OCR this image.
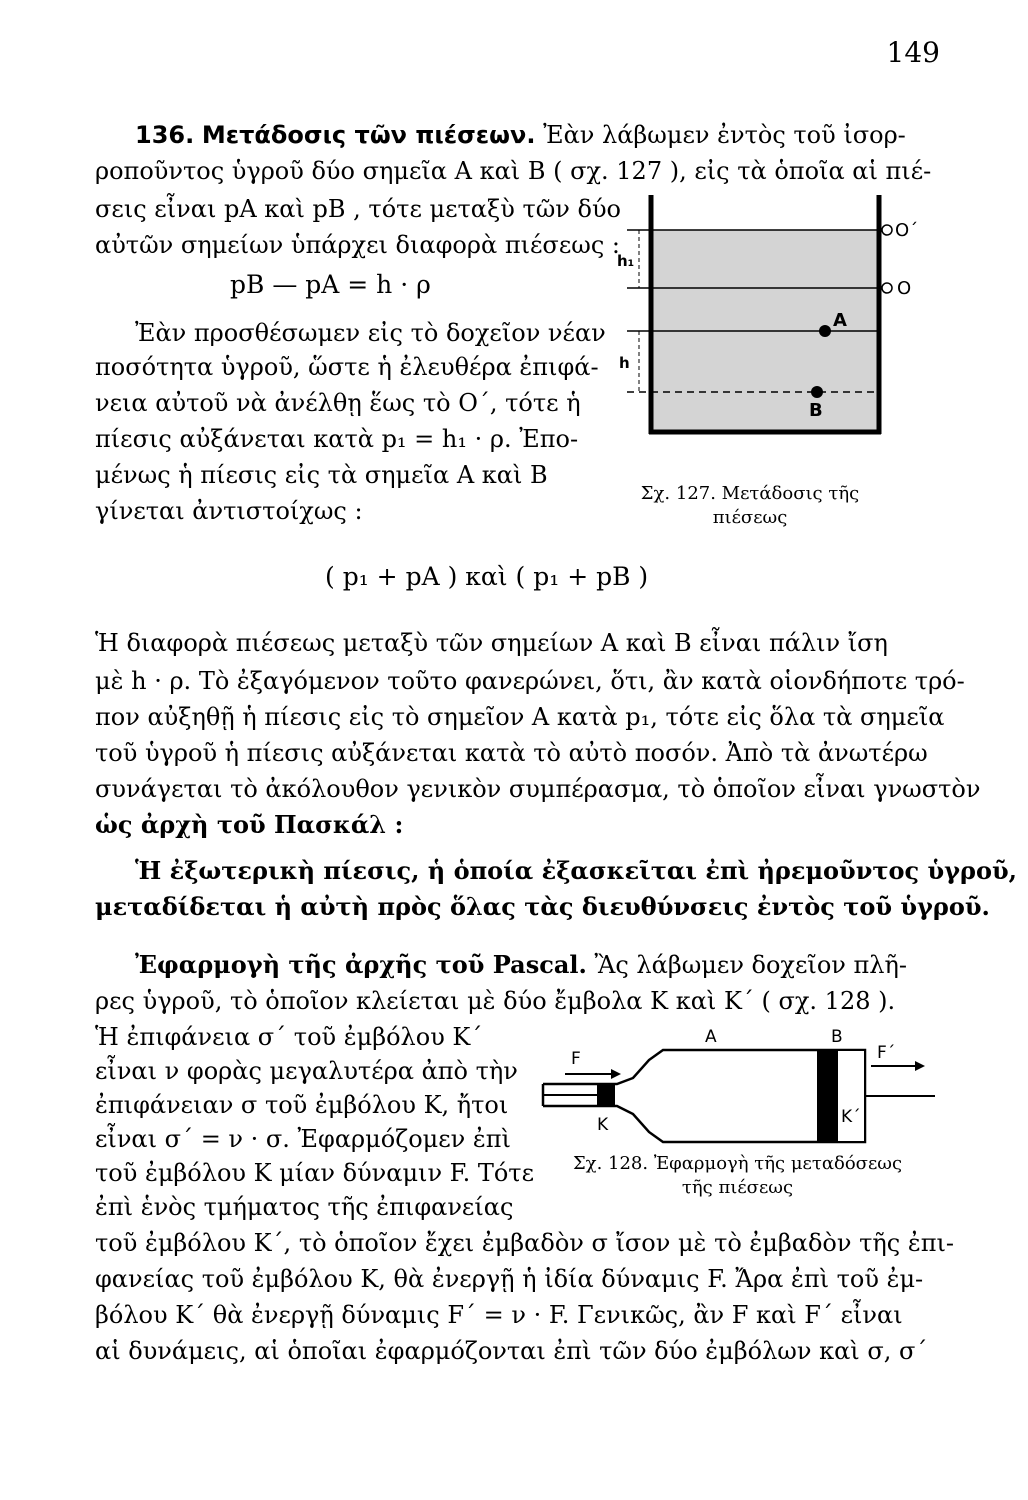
149
136. Μετάδοσις τῶν πιέσεων. Ἐὰν λάβωμεν ἐντὸς τοῦ ἰσορ-
ροποῦντος ὑγροῦ δύο σημεῖα A καὶ B ( σχ. 127 ), εἰς τὰ ὁποῖα αἱ πιέ-
σεις εἶναι pA καὶ pB , τότε μεταξὺ τῶν δύο
αὐτῶν σημείων ὑπάρχει διαφορὰ πιέσεως :
pB — pA = h · ρ
Ἐὰν προσθέσωμεν εἰς τὸ δοχεῖον νέαν
ποσότητα ὑγροῦ, ὥστε ἡ ἐλευθέρα ἐπιφά-
νεια αὐτοῦ νὰ ἀνέλθῃ ἕως τὸ Ο΄, τότε ἡ
πίεσις αὐξάνεται κατὰ p₁ = h₁ · ρ. Ἐπο-
μένως ἡ πίεσις εἰς τὰ σημεῖα A καὶ B
γίνεται ἀντιστοίχως :
O΄
O
A
B
h₁
h
Σχ. 127. Μετάδοσις τῆς
πιέσεως
( p₁ + pA ) καὶ ( p₁ + pB )
Ἡ διαφορὰ πιέσεως μεταξὺ τῶν σημείων A καὶ B εἶναι πάλιν ἴση
μὲ h · ρ. Τὸ ἐξαγόμενον τοῦτο φανερώνει, ὅτι, ἂν κατὰ οἱονδήποτε τρό-
πον αὐξηθῇ ἡ πίεσις εἰς τὸ σημεῖον A κατὰ p₁, τότε εἰς ὅλα τὰ σημεῖα
τοῦ ὑγροῦ ἡ πίεσις αὐξάνεται κατὰ τὸ αὐτὸ ποσόν. Ἀπὸ τὰ ἀνωτέρω
συνάγεται τὸ ἀκόλουθον γενικὸν συμπέρασμα, τὸ ὁποῖον εἶναι γνωστὸν
ὡς ἀρχὴ τοῦ Πασκάλ :
Ἡ ἐξωτερικὴ πίεσις, ἡ ὁποία ἐξασκεῖται ἐπὶ ἠρεμοῦντος ὑγροῦ,
μεταδίδεται ἡ αὐτὴ πρὸς ὅλας τὰς διευθύνσεις ἐντὸς τοῦ ὑγροῦ.
Ἐφαρμογὴ τῆς ἀρχῆς τοῦ Pascal. Ἂς λάβωμεν δοχεῖον πλῆ-
ρες ὑγροῦ, τὸ ὁποῖον κλείεται μὲ δύο ἔμβολα K καὶ K΄ ( σχ. 128 ).
Ἡ ἐπιφάνεια σ΄ τοῦ ἐμβόλου K΄
εἶναι ν φορὰς μεγαλυτέρα ἀπὸ τὴν
ἐπιφάνειαν σ τοῦ ἐμβόλου K, ἤτοι
εἶναι σ΄ = ν · σ. Ἐφαρμόζομεν ἐπὶ
τοῦ ἐμβόλου K μίαν δύναμιν F. Τότε
ἐπὶ ἑνὸς τμήματος τῆς ἐπιφανείας
τοῦ ἐμβόλου K΄, τὸ ὁποῖον ἔχει ἐμβαδὸν σ ἴσον μὲ τὸ ἐμβαδὸν τῆς ἐπι-
φανείας τοῦ ἐμβόλου K, θὰ ἐνεργῇ ἡ ἰδία δύναμις F. Ἄρα ἐπὶ τοῦ ἐμ-
βόλου K΄ θὰ ἐνεργῇ δύναμις F΄ = ν · F. Γενικῶς, ἂν F καὶ F΄ εἶναι
αἱ δυνάμεις, αἱ ὁποῖαι ἐφαρμόζονται ἐπὶ τῶν δύο ἐμβόλων καὶ σ, σ΄
A	B
F	F΄
K	K΄
Σχ. 128. Ἐφαρμογὴ τῆς μεταδόσεως
τῆς πιέσεως
